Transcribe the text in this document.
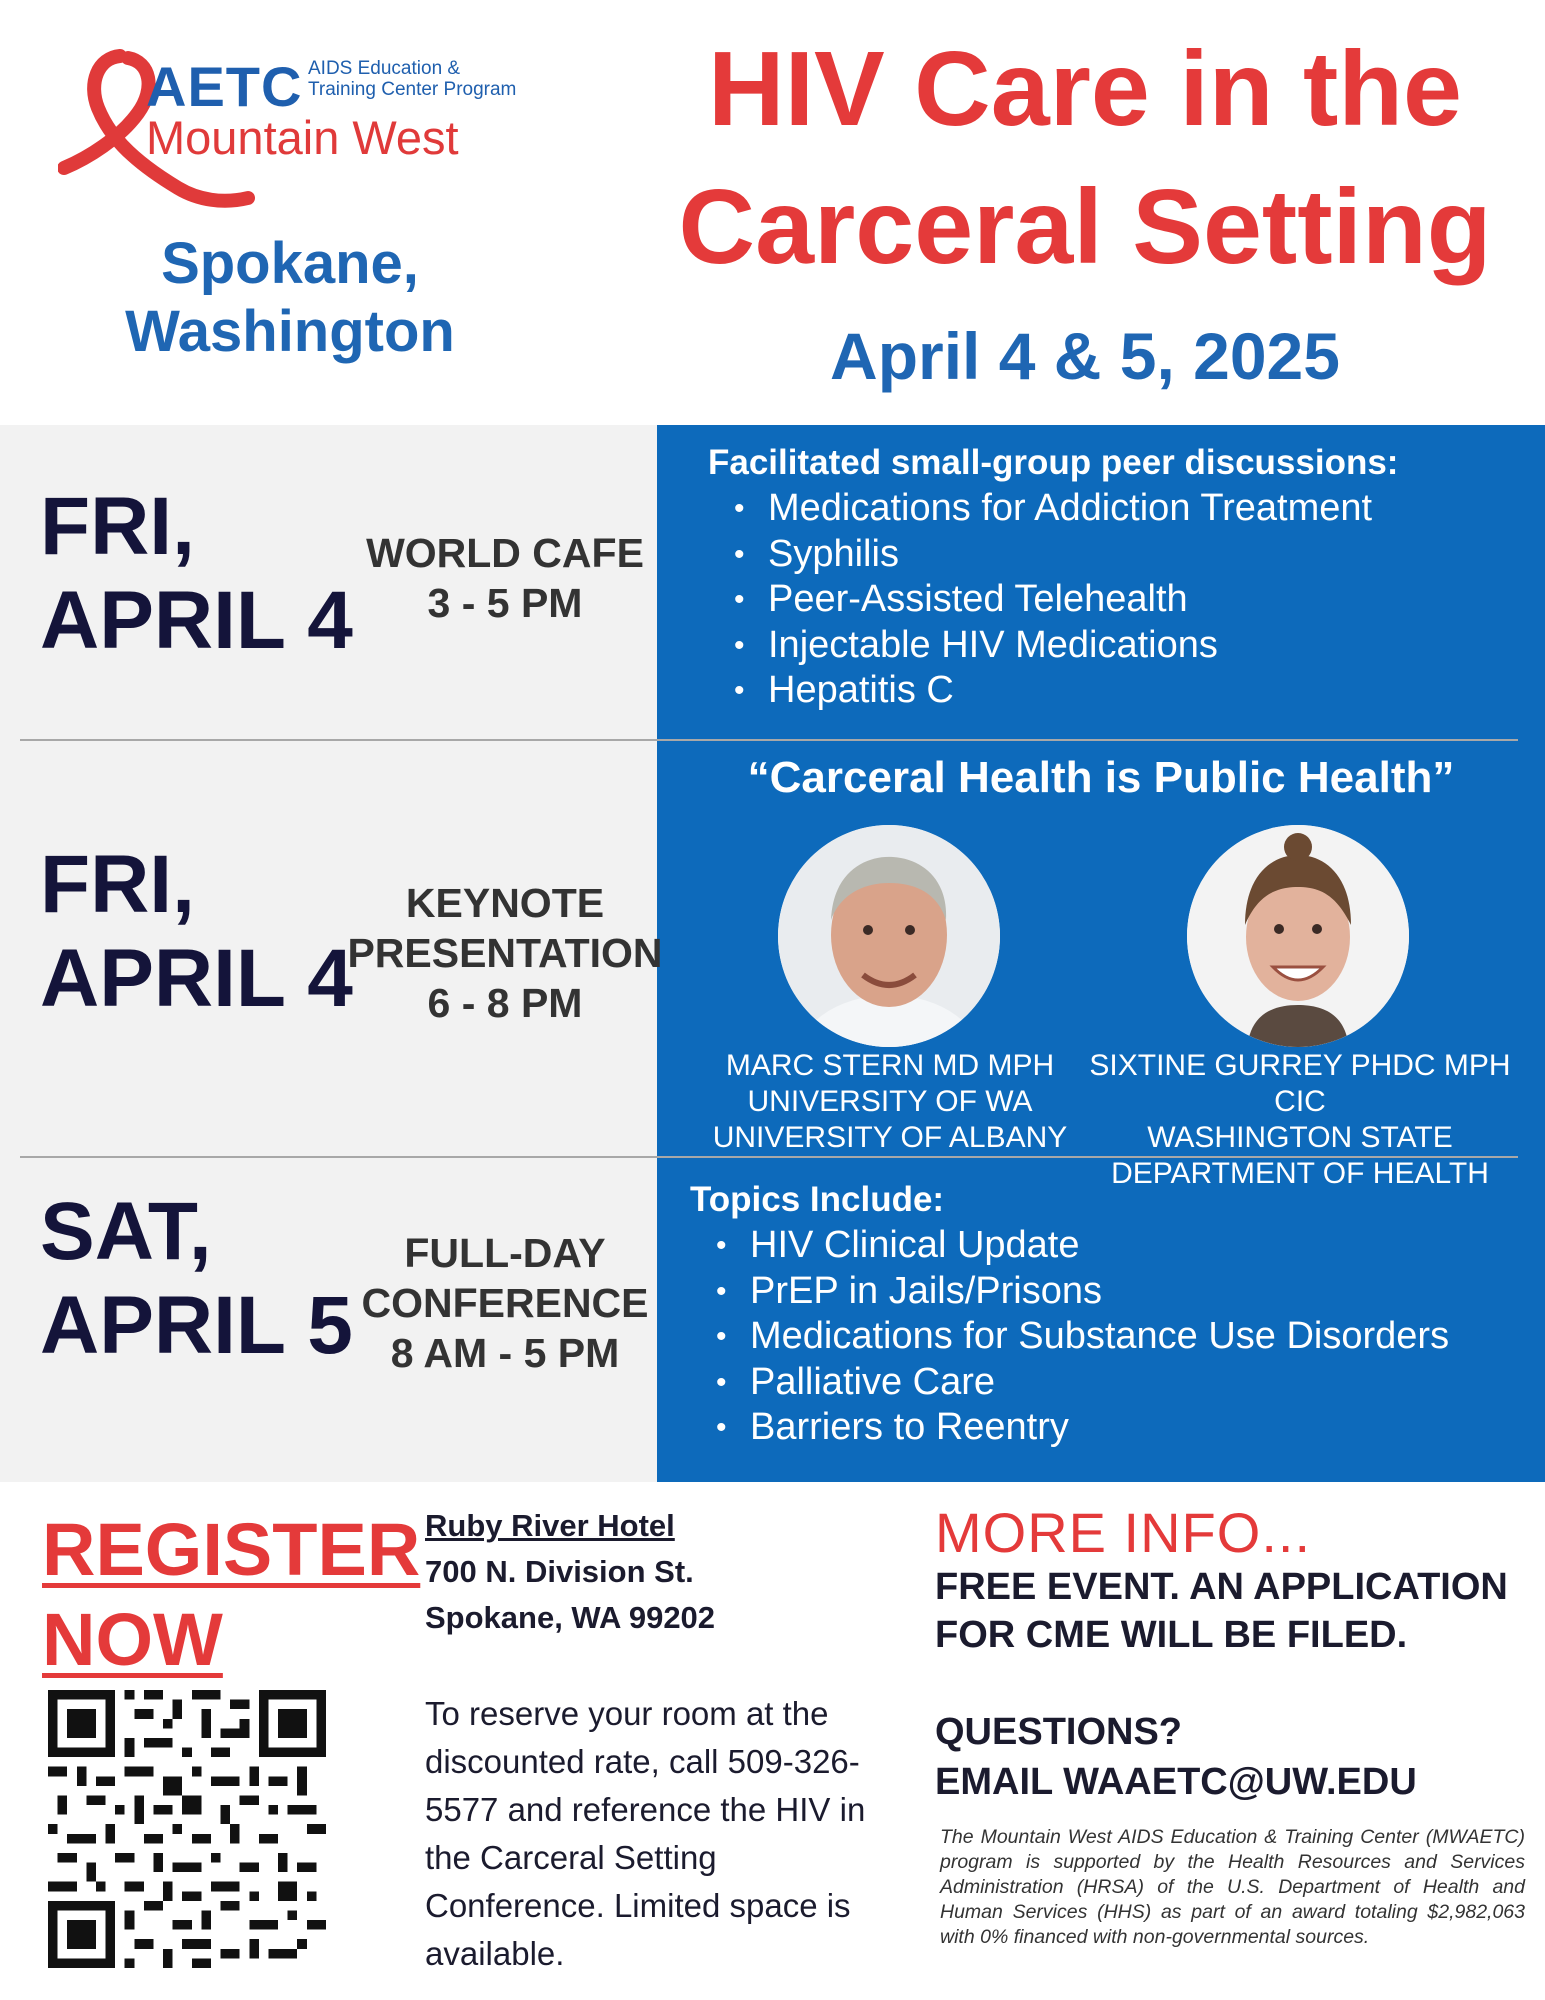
AETC AIDS Education & Training Center Program
Mountain West
Spokane,
Washington
HIV Care in the
Carceral Setting
April 4 & 5, 2025
FRI,
APRIL 4
WORLD CAFE
3 - 5 PM
Facilitated small-group peer discussions:
• Medications for Addiction Treatment
• Syphilis
• Peer-Assisted Telehealth
• Injectable HIV Medications
• Hepatitis C
FRI,
APRIL 4
KEYNOTE
PRESENTATION
6 - 8 PM
“Carceral Health is Public Health”
MARC STERN MD MPH
UNIVERSITY OF WA
UNIVERSITY OF ALBANY
SIXTINE GURREY PHDC MPH CIC
WASHINGTON STATE
DEPARTMENT OF HEALTH
SAT,
APRIL 5
FULL-DAY
CONFERENCE
8 AM - 5 PM
Topics Include:
• HIV Clinical Update
• PrEP in Jails/Prisons
• Medications for Substance Use Disorders
• Palliative Care
• Barriers to Reentry
REGISTER
NOW
Ruby River Hotel
700 N. Division St.
Spokane, WA 99202
To reserve your room at the discounted rate, call 509-326-5577 and reference the HIV in the Carceral Setting Conference. Limited space is available.
MORE INFO...
FREE EVENT. AN APPLICATION
FOR CME WILL BE FILED.
QUESTIONS?
EMAIL WAAETC@UW.EDU
The Mountain West AIDS Education & Training Center (MWAETC) program is supported by the Health Resources and Services Administration (HRSA) of the U.S. Department of Health and Human Services (HHS) as part of an award totaling $2,982,063 with 0% financed with non-governmental sources.
